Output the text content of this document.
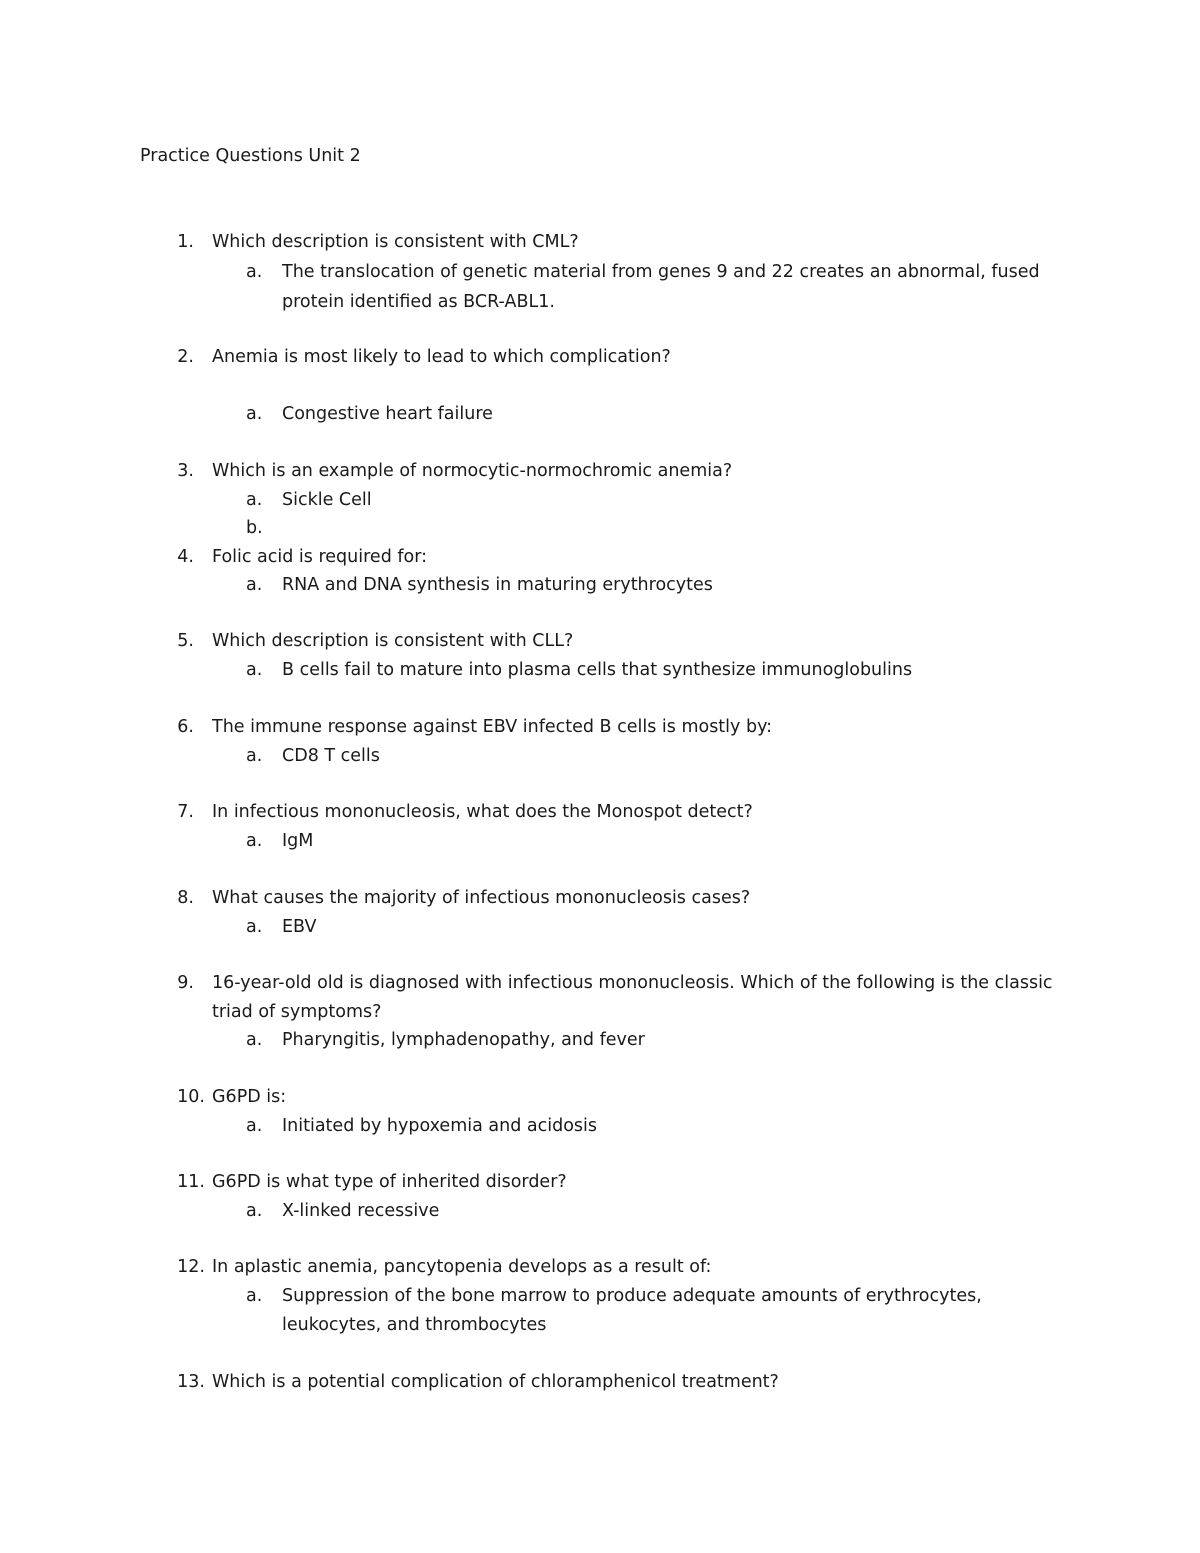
Practice Questions Unit 2
1. Which description is consistent with CML?
a. The translocation of genetic material from genes 9 and 22 creates an abnormal, fused
protein identified as BCR-ABL1.
2. Anemia is most likely to lead to which complication?
a. Congestive heart failure
3. Which is an example of normocytic-normochromic anemia?
a. Sickle Cell
b.
4. Folic acid is required for:
a. RNA and DNA synthesis in maturing erythrocytes
5. Which description is consistent with CLL?
a. B cells fail to mature into plasma cells that synthesize immunoglobulins
6. The immune response against EBV infected B cells is mostly by:
a. CD8 T cells
7. In infectious mononucleosis, what does the Monospot detect?
a. IgM
8. What causes the majority of infectious mononucleosis cases?
a. EBV
9. 16-year-old old is diagnosed with infectious mononucleosis. Which of the following is the classic
triad of symptoms?
a. Pharyngitis, lymphadenopathy, and fever
10. G6PD is:
a. Initiated by hypoxemia and acidosis
11. G6PD is what type of inherited disorder?
a. X-linked recessive
12. In aplastic anemia, pancytopenia develops as a result of:
a. Suppression of the bone marrow to produce adequate amounts of erythrocytes,
leukocytes, and thrombocytes
13. Which is a potential complication of chloramphenicol treatment?
